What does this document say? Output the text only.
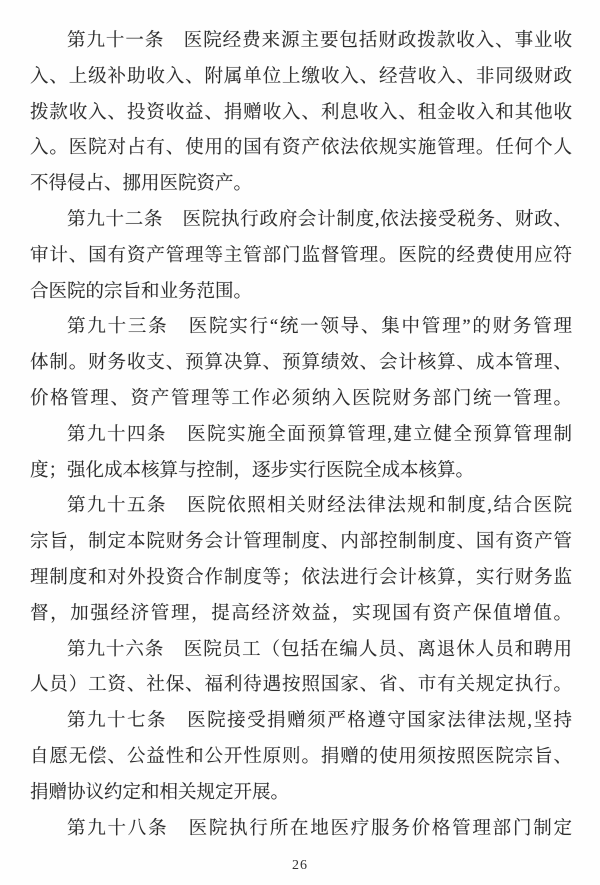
第九十一条　医院经费来源主要包括财政拨款收入、事业收
入、上级补助收入、附属单位上缴收入、经营收入、非同级财政
拨款收入、投资收益、捐赠收入、利息收入、租金收入和其他收
入。医院对占有、使用的国有资产依法依规实施管理。任何个人
不得侵占、挪用医院资产。
第九十二条　医院执行政府会计制度,依法接受税务、财政、
审计、国有资产管理等主管部门监督管理。医院的经费使用应符
合医院的宗旨和业务范围。
第九十三条　医院实行“统一领导、集中管理”的财务管理
体制。财务收支、预算决算、预算绩效、会计核算、成本管理、
价格管理、资产管理等工作必须纳入医院财务部门统一管理。
第九十四条　医院实施全面预算管理,建立健全预算管理制
度；强化成本核算与控制，逐步实行医院全成本核算。
第九十五条　医院依照相关财经法律法规和制度,结合医院
宗旨，制定本院财务会计管理制度、内部控制制度、国有资产管
理制度和对外投资合作制度等；依法进行会计核算，实行财务监
督，加强经济管理，提高经济效益，实现国有资产保值增值。
第九十六条　医院员工（包括在编人员、离退休人员和聘用
人员）工资、社保、福利待遇按照国家、省、市有关规定执行。
第九十七条　医院接受捐赠须严格遵守国家法律法规,坚持
自愿无偿、公益性和公开性原则。捐赠的使用须按照医院宗旨、
捐赠协议约定和相关规定开展。
第九十八条　医院执行所在地医疗服务价格管理部门制定
26
